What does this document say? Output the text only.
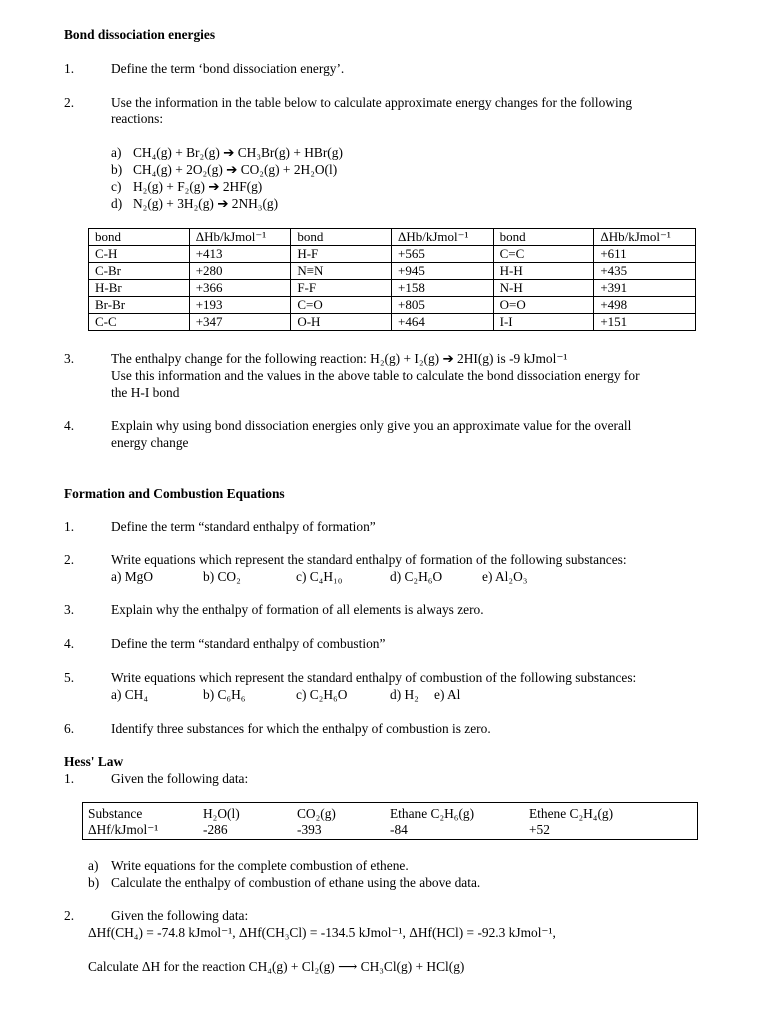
Bond dissociation energies
1.	Define the term ‘bond dissociation energy’.
2.	Use the information in the table below to calculate approximate energy changes for the following
reactions:
a) CH₄(g) + Br₂(g) ➔ CH₃Br(g) + HBr(g)
b) CH₄(g) + 2O₂(g) ➔ CO₂(g) + 2H₂O(l)
c) H₂(g) + F₂(g) ➔ 2HF(g)
d) N₂(g) + 3H₂(g) ➔ 2NH₃(g)
bond	ΔHb/kJmol⁻¹	bond	ΔHb/kJmol⁻¹	bond	ΔHb/kJmol⁻¹
C-H	+413	H-F	+565	C=C	+611
C-Br	+280	N≡N	+945	H-H	+435
H-Br	+366	F-F	+158	N-H	+391
Br-Br	+193	C=O	+805	O=O	+498
C-C	+347	O-H	+464	I-I	+151
3.	The enthalpy change for the following reaction: H₂(g) + I₂(g) ➔ 2HI(g) is -9 kJmol⁻¹
Use this information and the values in the above table to calculate the bond dissociation energy for
the H-I bond
4.	Explain why using bond dissociation energies only give you an approximate value for the overall
energy change
Formation and Combustion Equations
1.	Define the term “standard enthalpy of formation”
2.	Write equations which represent the standard enthalpy of formation of the following substances:
a) MgO	b) CO₂	c) C₄H₁₀	d) C₂H₆O	e) Al₂O₃
3.	Explain why the enthalpy of formation of all elements is always zero.
4.	Define the term “standard enthalpy of combustion”
5.	Write equations which represent the standard enthalpy of combustion of the following substances:
a) CH₄	b) C₆H₆	c) C₂H₆O	d) H₂ e) Al
6.	Identify three substances for which the enthalpy of combustion is zero.
Hess' Law
1.	Given the following data:
Substance	H₂O(l)	CO₂(g)	Ethane C₂H₆(g)	Ethene C₂H₄(g)
ΔHf/kJmol⁻¹	-286	-393	-84	+52
a) Write equations for the complete combustion of ethene.
b) Calculate the enthalpy of combustion of ethane using the above data.
2.	Given the following data:
ΔHf(CH₄) = -74.8 kJmol⁻¹, ΔHf(CH₃Cl) = -134.5 kJmol⁻¹, ΔHf(HCl) = -92.3 kJmol⁻¹,
Calculate ΔH for the reaction CH₄(g) + Cl₂(g) ⟶ CH₃Cl(g) + HCl(g)
